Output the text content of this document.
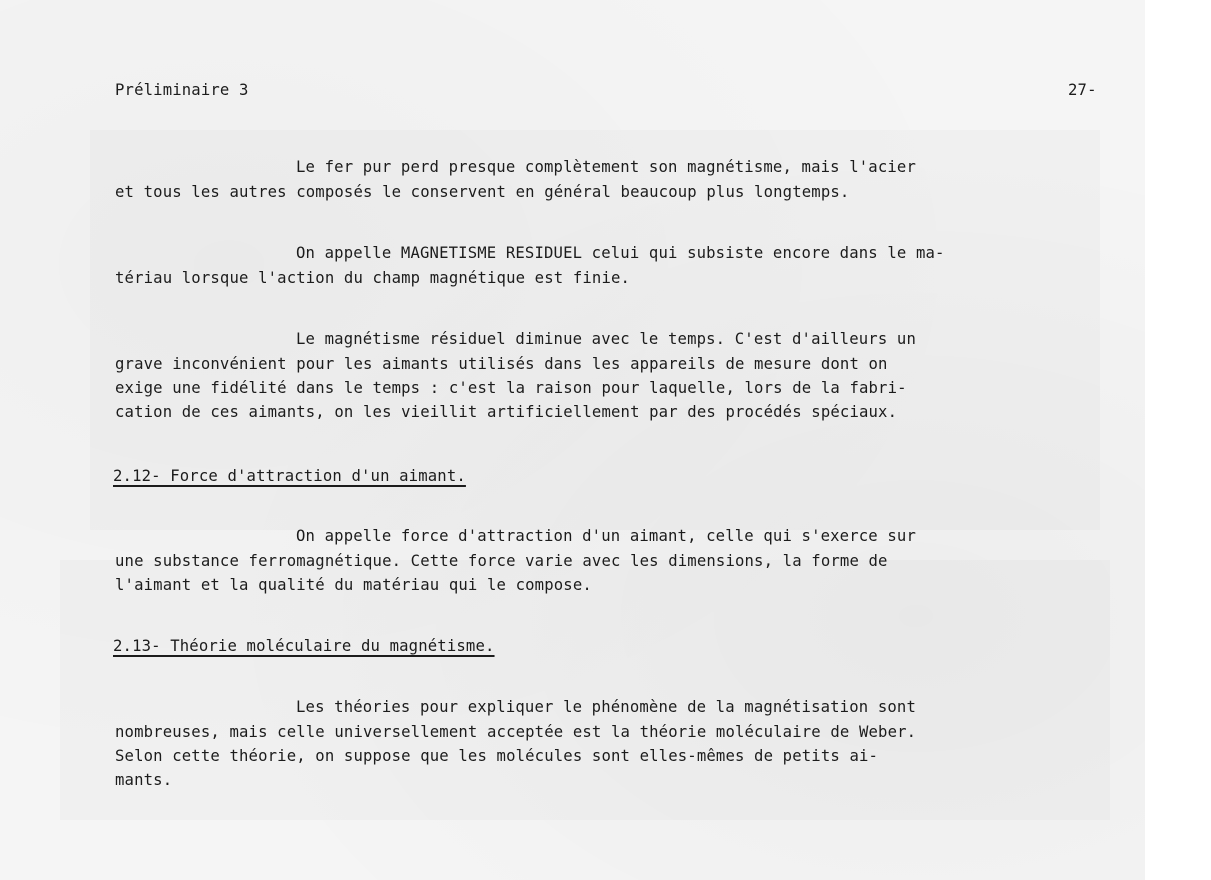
Préliminaire 3	27-
Le fer pur perd presque complètement son magnétisme, mais l'acier
et tous les autres composés le conservent en général beaucoup plus longtemps.
On appelle MAGNETISME RESIDUEL celui qui subsiste encore dans le ma-
tériau lorsque l'action du champ magnétique est finie.
Le magnétisme résiduel diminue avec le temps. C'est d'ailleurs un
grave inconvénient pour les aimants utilisés dans les appareils de mesure dont on
exige une fidélité dans le temps : c'est la raison pour laquelle, lors de la fabri-
cation de ces aimants, on les vieillit artificiellement par des procédés spéciaux.
2.12- Force d'attraction d'un aimant.
On appelle force d'attraction d'un aimant, celle qui s'exerce sur
une substance ferromagnétique. Cette force varie avec les dimensions, la forme de
l'aimant et la qualité du matériau qui le compose.
2.13- Théorie moléculaire du magnétisme.
Les théories pour expliquer le phénomène de la magnétisation sont
nombreuses, mais celle universellement acceptée est la théorie moléculaire de Weber.
Selon cette théorie, on suppose que les molécules sont elles-mêmes de petits ai-
mants.
